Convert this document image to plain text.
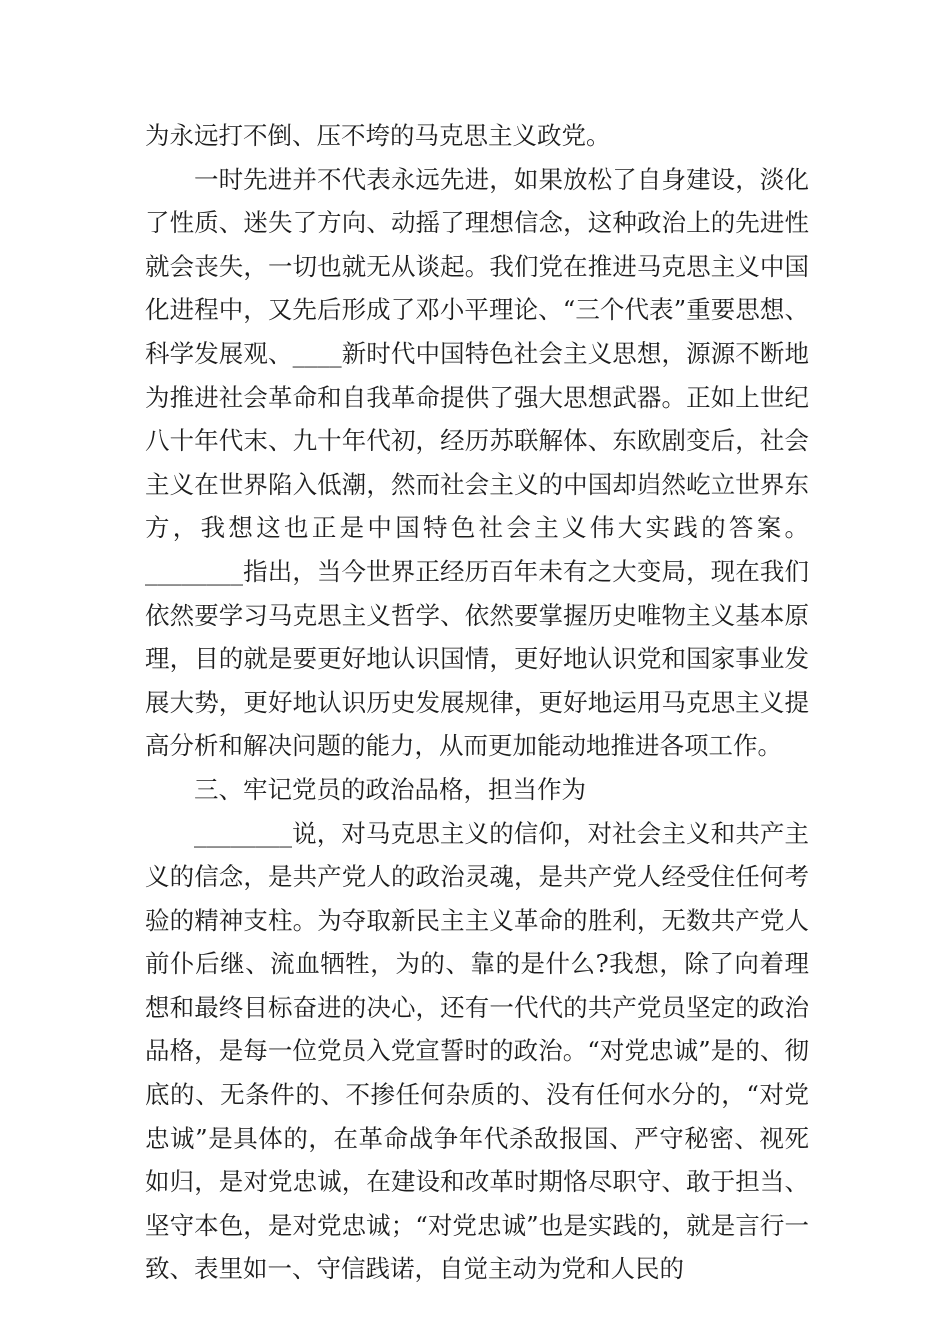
为永远打不倒、压不垮的马克思主义政党。

一时先进并不代表永远先进，如果放松了自身建设，淡化了性质、迷失了方向、动摇了理想信念，这种政治上的先进性就会丧失，一切也就无从谈起。我们党在推进马克思主义中国化进程中，又先后形成了邓小平理论、“三个代表”重要思想、科学发展观、____新时代中国特色社会主义思想，源源不断地为推进社会革命和自我革命提供了强大思想武器。正如上世纪八十年代末、九十年代初，经历苏联解体、东欧剧变后，社会主义在世界陷入低潮，然而社会主义的中国却岿然屹立世界东方，我想这也正是中国特色社会主义伟大实践的答案。________指出，当今世界正经历百年未有之大变局，现在我们依然要学习马克思主义哲学、依然要掌握历史唯物主义基本原理，目的就是要更好地认识国情，更好地认识党和国家事业发展大势，更好地认识历史发展规律，更好地运用马克思主义提高分析和解决问题的能力，从而更加能动地推进各项工作。

三、牢记党员的政治品格，担当作为

________说，对马克思主义的信仰，对社会主义和共产主义的信念，是共产党人的政治灵魂，是共产党人经受住任何考验的精神支柱。为夺取新民主主义革命的胜利，无数共产党人前仆后继、流血牺牲，为的、靠的是什么?我想，除了向着理想和最终目标奋进的决心，还有一代代的共产党员坚定的政治品格，是每一位党员入党宣誓时的政治。“对党忠诚”是的、彻底的、无条件的、不掺任何杂质的、没有任何水分的，“对党忠诚”是具体的，在革命战争年代杀敌报国、严守秘密、视死如归，是对党忠诚，在建设和改革时期恪尽职守、敢于担当、坚守本色，是对党忠诚；“对党忠诚”也是实践的，就是言行一致、表里如一、守信践诺，自觉主动为党和人民的
